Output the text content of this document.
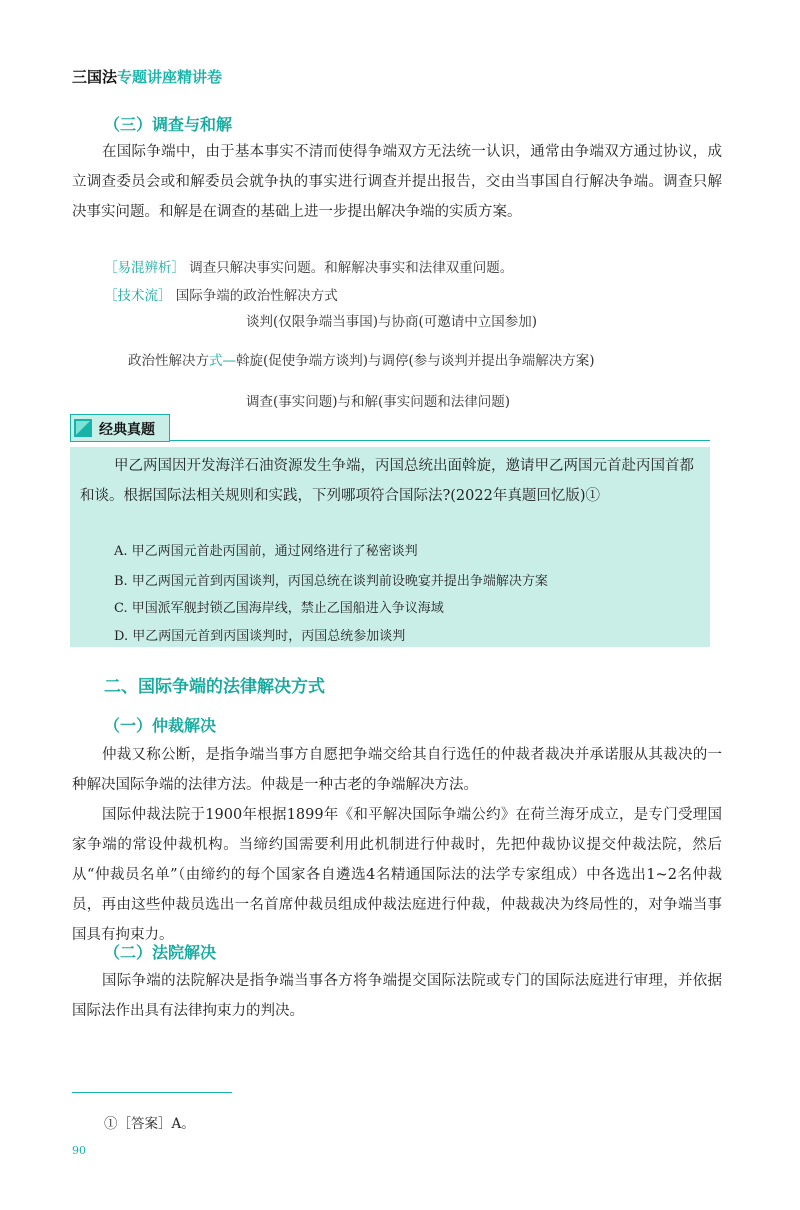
三国法专题讲座精讲卷
（三）调查与和解
在国际争端中，由于基本事实不清而使得争端双方无法统一认识，通常由争端双方通过协议，成立调查委员会或和解委员会就争执的事实进行调查并提出报告，交由当事国自行解决争端。调查只解决事实问题。和解是在调查的基础上进一步提出解决争端的实质方案。
［易混辨析］ 调查只解决事实问题。和解解决事实和法律双重问题。
［技术流］ 国际争端的政治性解决方式
谈判(仅限争端当事国)与协商(可邀请中立国参加)
政治性解决方式—斡旋(促使争端方谈判)与调停(参与谈判并提出争端解决方案)
调查(事实问题)与和解(事实问题和法律问题)
经典真题
甲乙两国因开发海洋石油资源发生争端，丙国总统出面斡旋，邀请甲乙两国元首赴丙国首都和谈。根据国际法相关规则和实践，下列哪项符合国际法?(2022年真题回忆版)①
A. 甲乙两国元首赴丙国前，通过网络进行了秘密谈判
B. 甲乙两国元首到丙国谈判，丙国总统在谈判前设晚宴并提出争端解决方案
C. 甲国派军舰封锁乙国海岸线，禁止乙国船进入争议海域
D. 甲乙两国元首到丙国谈判时，丙国总统参加谈判
二、国际争端的法律解决方式
（一）仲裁解决
仲裁又称公断，是指争端当事方自愿把争端交给其自行选任的仲裁者裁决并承诺服从其裁决的一种解决国际争端的法律方法。仲裁是一种古老的争端解决方法。
国际仲裁法院于1900年根据1899年《和平解决国际争端公约》在荷兰海牙成立，是专门受理国家争端的常设仲裁机构。当缔约国需要利用此机制进行仲裁时，先把仲裁协议提交仲裁法院，然后从“仲裁员名单”（由缔约的每个国家各自遴选4名精通国际法的法学专家组成）中各选出1~2名仲裁员，再由这些仲裁员选出一名首席仲裁员组成仲裁法庭进行仲裁，仲裁裁决为终局性的，对争端当事国具有拘束力。
（二）法院解决
国际争端的法院解决是指争端当事各方将争端提交国际法院或专门的国际法庭进行审理，并依据国际法作出具有法律拘束力的判决。
①［答案］A。
90
